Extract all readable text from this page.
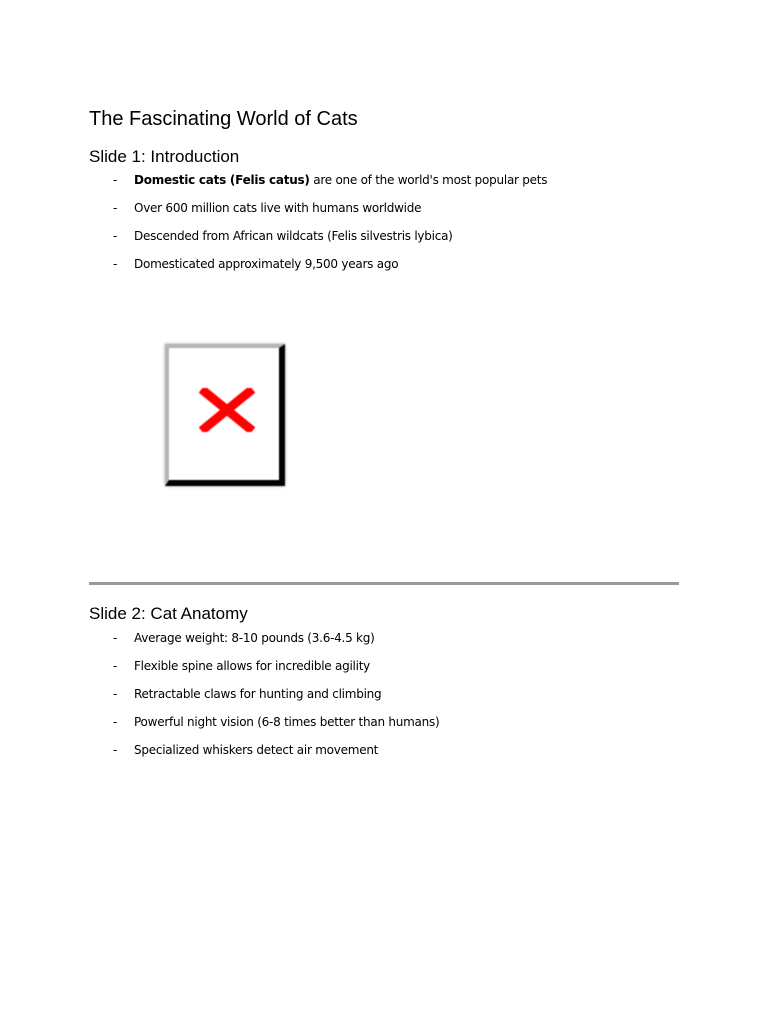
The Fascinating World of Cats
Slide 1: Introduction
- Domestic cats (Felis catus) are one of the world's most popular pets
- Over 600 million cats live with humans worldwide
- Descended from African wildcats (Felis silvestris lybica)
- Domesticated approximately 9,500 years ago
Slide 2: Cat Anatomy
- Average weight: 8-10 pounds (3.6-4.5 kg)
- Flexible spine allows for incredible agility
- Retractable claws for hunting and climbing
- Powerful night vision (6-8 times better than humans)
- Specialized whiskers detect air movement
